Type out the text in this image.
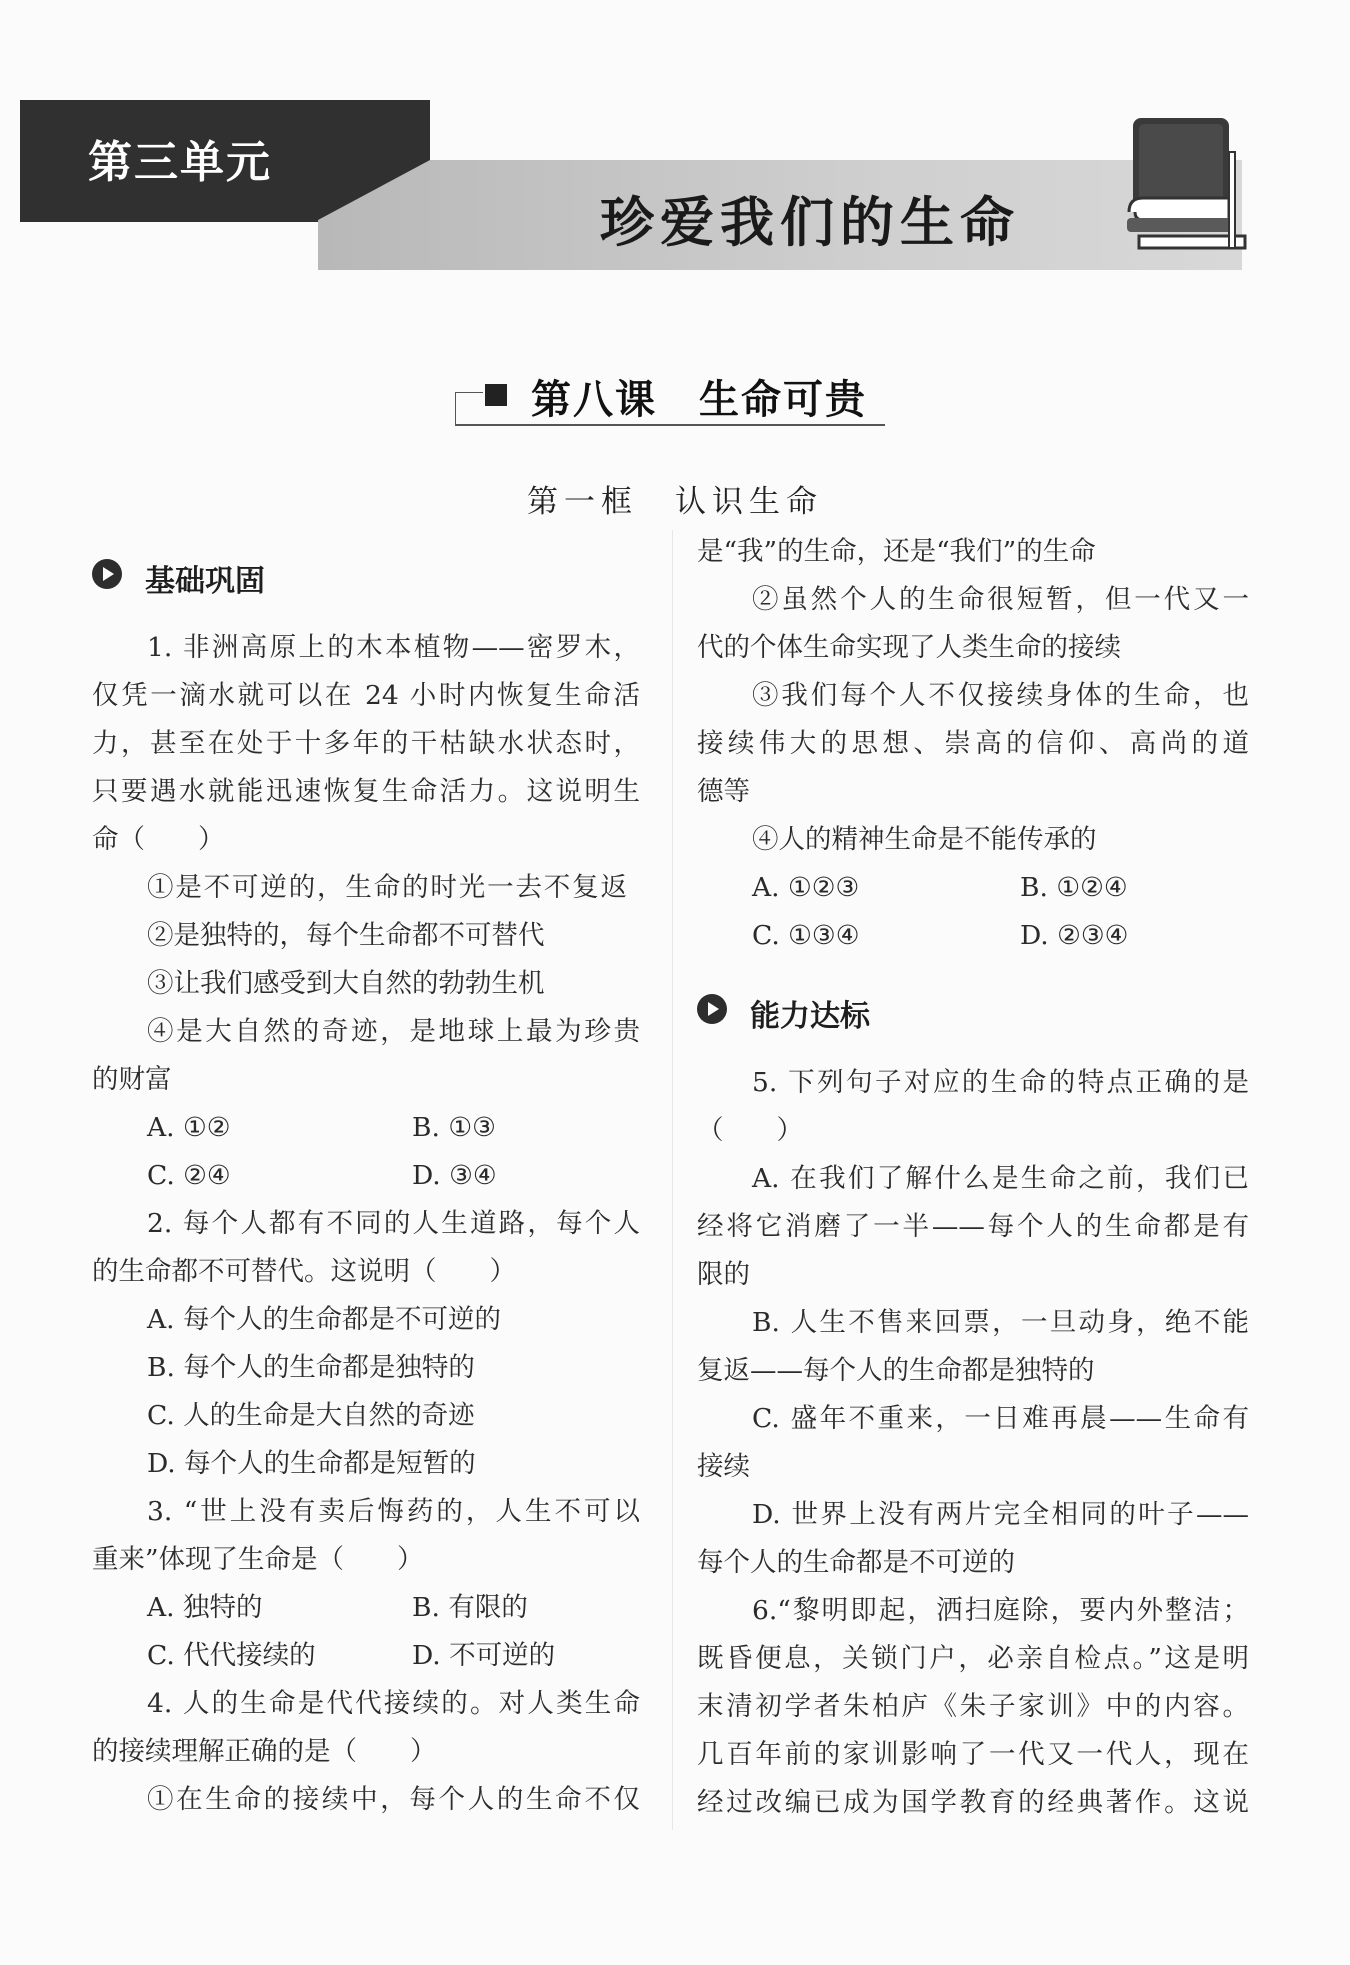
第三单元
珍爱我们的生命
第八课　生命可贵
第一框　认识生命
基础巩固
1. 非洲高原上的木本植物——密罗木，
仅凭一滴水就可以在 24 小时内恢复生命活
力，甚至在处于十多年的干枯缺水状态时，
只要遇水就能迅速恢复生命活力。这说明生
命（　　）
①是不可逆的，生命的时光一去不复返
②是独特的，每个生命都不可替代
③让我们感受到大自然的勃勃生机
④是大自然的奇迹，是地球上最为珍贵
的财富
A. ①②	B. ①③
C. ②④	D. ③④
2. 每个人都有不同的人生道路，每个人
的生命都不可替代。这说明（　　）
A. 每个人的生命都是不可逆的
B. 每个人的生命都是独特的
C. 人的生命是大自然的奇迹
D. 每个人的生命都是短暂的
3. “世上没有卖后悔药的，人生不可以
重来”体现了生命是（　　）
A. 独特的	B. 有限的
C. 代代接续的	D. 不可逆的
4. 人的生命是代代接续的。对人类生命
的接续理解正确的是（　　）
①在生命的接续中，每个人的生命不仅
是“我”的生命，还是“我们”的生命
②虽然个人的生命很短暂，但一代又一
代的个体生命实现了人类生命的接续
③我们每个人不仅接续身体的生命，也
接续伟大的思想、崇高的信仰、高尚的道
德等
④人的精神生命是不能传承的
A. ①②③	B. ①②④
C. ①③④	D. ②③④
能力达标
5. 下列句子对应的生命的特点正确的是
（　　）
A. 在我们了解什么是生命之前，我们已
经将它消磨了一半——每个人的生命都是有
限的
B. 人生不售来回票，一旦动身，绝不能
复返——每个人的生命都是独特的
C. 盛年不重来，一日难再晨——生命有
接续
D. 世界上没有两片完全相同的叶子——
每个人的生命都是不可逆的
6.“黎明即起，洒扫庭除，要内外整洁；
既昏便息，关锁门户，必亲自检点。”这是明
末清初学者朱柏庐《朱子家训》中的内容。
几百年前的家训影响了一代又一代人，现在
经过改编已成为国学教育的经典著作。这说
